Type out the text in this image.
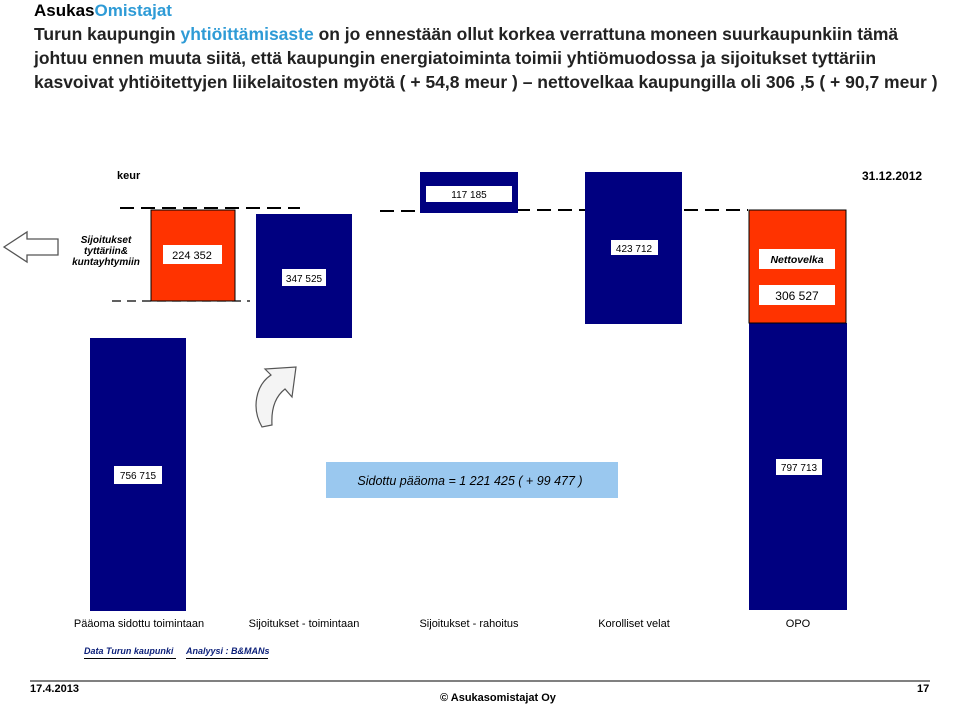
AsukasOmistajat
Turun kaupungin yhtiöittämisaste on jo ennestään ollut korkea verrattuna moneen suurkaupunkiin tämä johtuu ennen muuta siitä, että kaupungin energiatoiminta toimii yhtiömuodossa ja sijoitukset tyttäriin kasvoivat yhtiöitettyjen liikelaitosten myötä ( + 54,8 meur ) – nettovelkaa kaupungilla oli 306 ,5 ( + 90,7 meur )
117 185
224 352
347 525
423 712
Nettovelka
306 527
756 715
797 713
Sidottu pääoma = 1 221 425 ( + 99 477 )
keur	31.12.2012
Sijoitukset
tyttäriin&
kuntayhtymiin
Pääoma sidottu toimintaan	Sijoitukset - toimintaan	Sijoitukset - rahoitus	Korolliset velat	OPO
Data Turun kaupunki Analyysi : B&MANs
17.4.2013
© Asukasomistajat Oy
17
